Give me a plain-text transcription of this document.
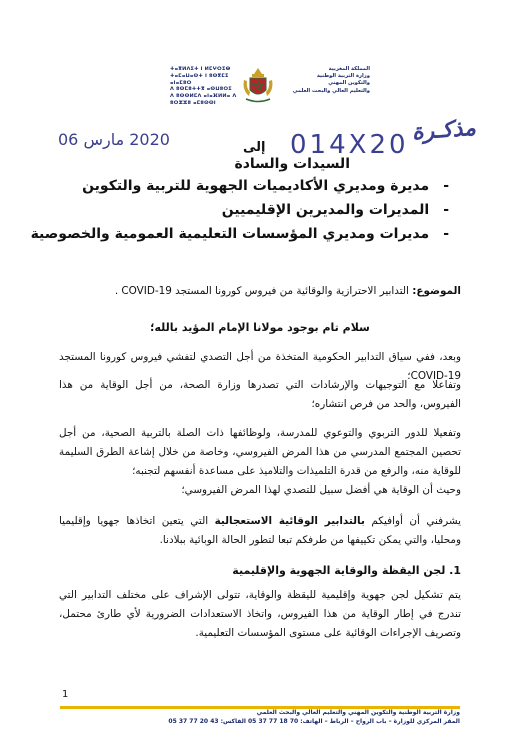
المملكة المغربية
وزارة التربية الوطنية
والتكوين المهني
والتعليم العالي والبحث العلمي
ⵜⴰⴳⵍⴷⵉⵜ ⵏ ⵍⵎⵖⵔⵉⴱ
ⵜⴰⵎⴰⵡⴰⵙⵜ ⵏ ⵓⵙⴳⵎⵉ ⴰⵏⴰⵎⵓⵔ
ⴷ ⵓⵙⵎⵓⵜⵜⴳ ⴰⵙⵡⵓⵔⵉ
ⴷ ⵓⵙⵙⵍⵎⴷ ⴰⵏⴰⴼⵍⵍⴰ ⴷ ⵓⵔⵣⵣⵓ ⴰⵎⵓⵙⵙⵏ
2020 مارس 06	مذكـرة
014X20
إلى
السيدات والسادة
-مديرة ومديري الأكاديميات الجهوية للتربية والتكوين
-المديرات والمديرين الإقليميين
-مديرات ومديري المؤسسات التعليمية العمومية والخصوصية
الموضوع: التدابير الاحترازية والوقائية من فيروس كورونا المستجد COVID-19 .
سلام تام بوجود مولانا الإمام المؤيد بالله؛
وبعد، ففي سياق التدابير الحكومية المتخذة من أجل التصدي لتفشي فيروس كورونا المستجد COVID-19؛
وتفاعلا مع التوجيهات والإرشادات التي تصدرها وزارة الصحة، من أجل الوقاية من هذا الفيروس، والحد من فرص انتشاره؛
وتفعيلا للدور التربوي والتوعوي للمدرسة، ولوظائفها ذات الصلة بالتربية الصحية، من أجل تحصين المجتمع المدرسي من هذا المرض الفيروسي، وخاصة من خلال إشاعة الطرق السليمة للوقاية منه، والرفع من قدرة التلميذات والتلاميذ على مساعدة أنفسهم لتجنبه؛
وحيث أن الوقاية هي أفضل سبيل للتصدي لهذا المرض الفيروسي؛
يشرفني أن أوافيكم بالتدابير الوقائية الاستعجالية التي يتعين اتخاذها جهويا وإقليميا ومحليا، والتي يمكن تكييفها من طرفكم تبعا لتطور الحالة الوبائية ببلادنا.
1. لجن اليقظة والوقاية الجهوية والإقليمية
يتم تشكيل لجن جهوية وإقليمية لليقظة والوقاية، تتولى الإشراف على مختلف التدابير التي تندرج في إطار الوقاية من هذا الفيروس، واتخاذ الاستعدادات الضرورية لأي طارئ محتمل، وتصريف الإجراءات الوقائية على مستوى المؤسسات التعليمية.
1
وزارة التربية الوطنية والتكوين المهني والتعليم العالي والبحث العلمي
المقر المركزي للوزارة – باب الرواح – الرباط – الهاتف: 70 18 77 37 05 الفاكس: 43 20 77 37 05
